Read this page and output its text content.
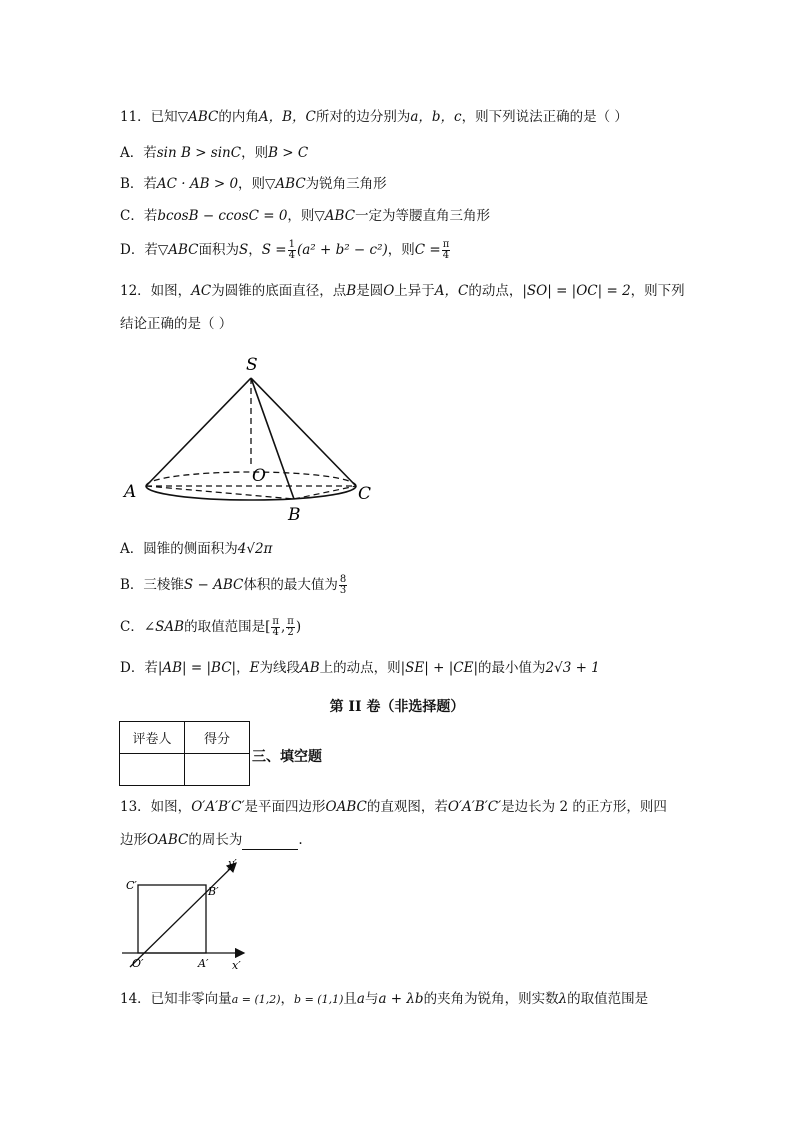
11．已知▽ABC的内角A，B，C所对的边分别为a，b，c，则下列说法正确的是（ ）
A．若sin B > sinC，则B > C
B．若AC · AB > 0，则▽ABC为锐角三角形
C．若bcosB − ccosC = 0，则▽ABC一定为等腰直角三角形
D．若▽ABC面积为S，$S = \frac{1}{4} (a^2 + b^2 - c^2)$，则$C = \frac{\pi}{4}$
12．如图，AC为圆锥的底面直径，点B是圆O上异于A，C的动点，|SO| = |OC| = 2，则下列
结论正确的是（ ）
S
O
A
B
C
A．圆锥的侧面积为4√2π
B．三棱锥S − ABC体积的最大值为 $\frac{8}{3}$
C．∠SAB的取值范围是[ $\frac{\pi}{4}$ , $\frac{\pi}{2}$ )
D．若|AB| = |BC|，E为线段AB上的动点，则|SE| + |CE|的最小值为2√3 + 1
第 II 卷（非选择题）
评卷人	得分

三、填空题
13．如图，O′A′B′C′是平面四边形OABC的直观图，若O′A′B′C′是边长为 2 的正方形，则四
边形OABC的周长为	.
C′	B′
O′	A′ x′
y′
14．已知非零向量a = (1,2)，b = (1,1)且a与a + λb的夹角为锐角，则实数λ的取值范围是
